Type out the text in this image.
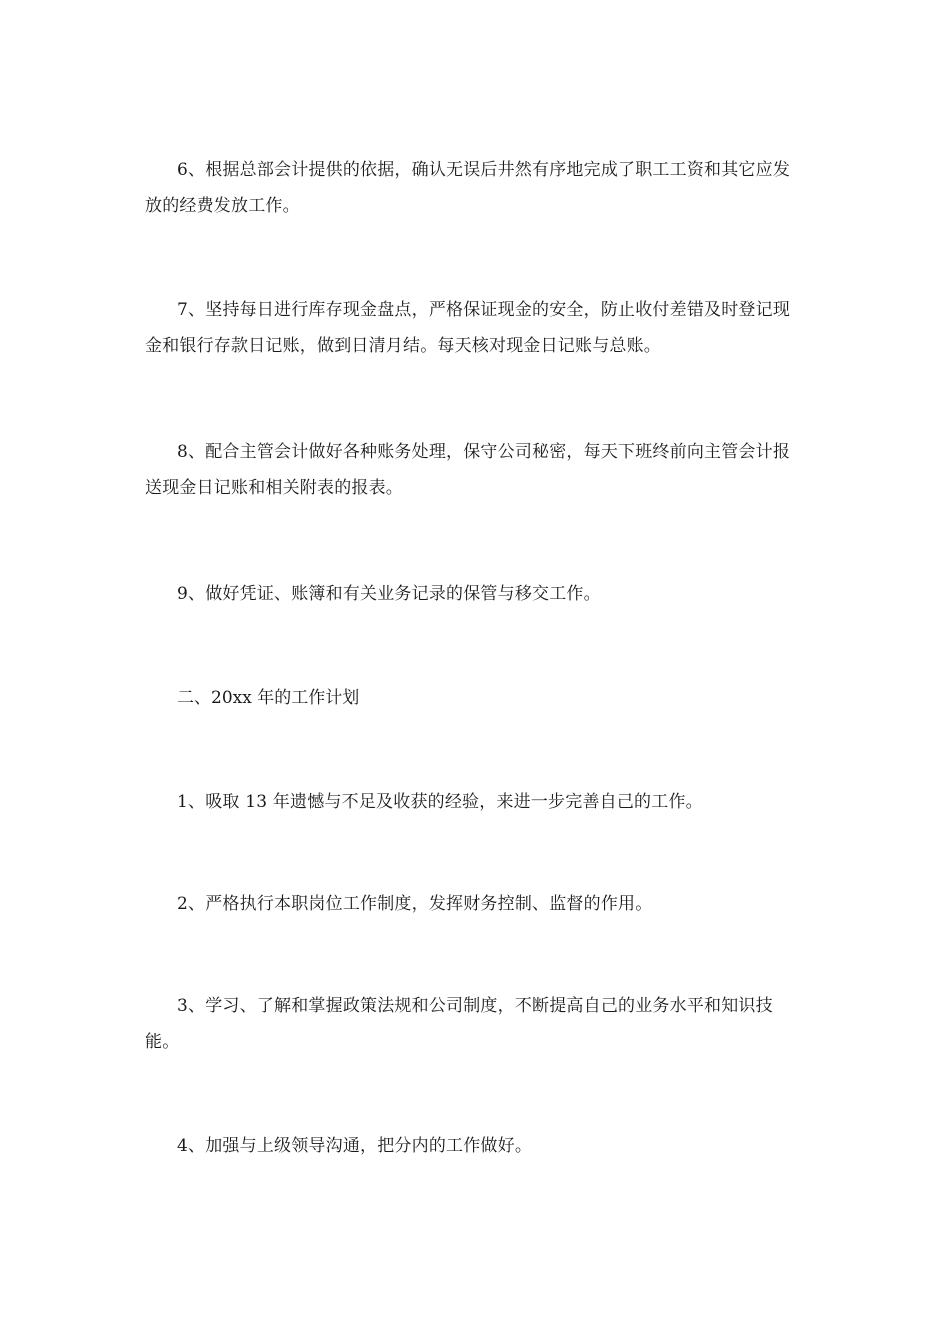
6、根据总部会计提供的依据，确认无误后井然有序地完成了职工工资和其它应发放的经费发放工作。

7、坚持每日进行库存现金盘点，严格保证现金的安全，防止收付差错及时登记现金和银行存款日记账，做到日清月结。每天核对现金日记账与总账。

8、配合主管会计做好各种账务处理，保守公司秘密，每天下班终前向主管会计报送现金日记账和相关附表的报表。

9、做好凭证、账簿和有关业务记录的保管与移交工作。

二、20xx 年的工作计划

1、吸取 13 年遗憾与不足及收获的经验，来进一步完善自己的工作。

2、严格执行本职岗位工作制度，发挥财务控制、监督的作用。

3、学习、了解和掌握政策法规和公司制度，不断提高自己的业务水平和知识技能。

4、加强与上级领导沟通，把分内的工作做好。
